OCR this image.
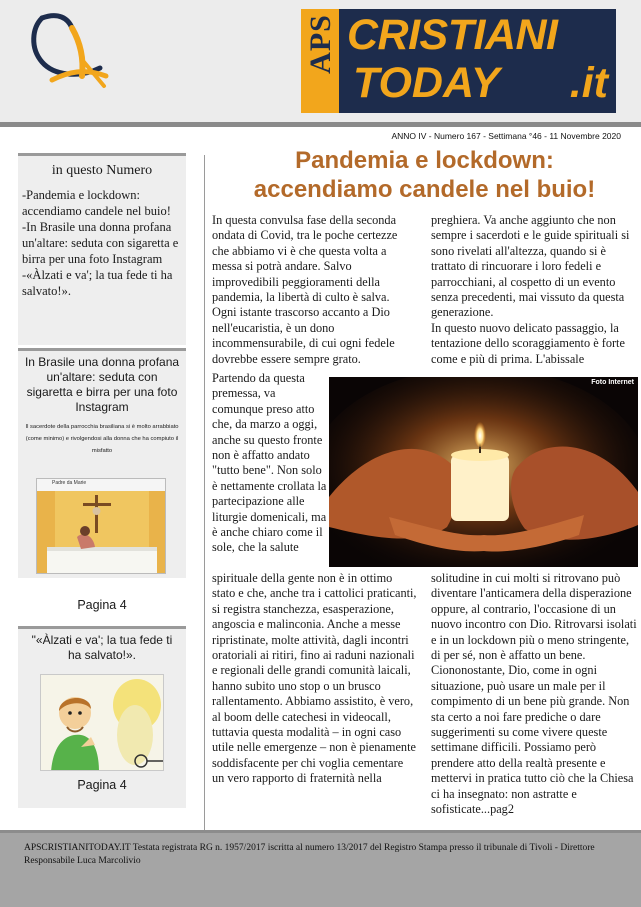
APS CRISTIANI
TODAY .it
ANNO IV - Numero 167 - Settimana °46 - 11 Novembre 2020
in questo Numero
-Pandemia e lockdown: accendiamo candele nel buio!
-In Brasile una donna profana un'altare: seduta con sigaretta e birra per una foto Instagram
-«Àlzati e va'; la tua fede ti ha salvato!».
In Brasile una donna profana un'altare: seduta con sigaretta e birra per una foto Instagram
Il sacerdote della parrocchia brasiliana si è molto arrabbiato (come minimo) e rivolgendosi alla donna che ha compiuto il misfatto
Padre da Marie
Pagina 4
"«Àlzati e va'; la tua fede ti ha salvato!».
Pagina 4
Pandemia e lockdown:
accendiamo candele nel buio!

In questa convulsa fase della seconda ondata di Covid, tra le poche certezze che abbiamo vi è che questa volta a messa si potrà andare. Salvo improvedibili peggioramenti della pandemia, la libertà di culto è salva. Ogni istante trascorso accanto a Dio nell'eucaristia, è un dono incommensurabile, di cui ogni fedele dovrebbe essere sempre grato.

Partendo da questa premessa, va comunque preso atto che, da marzo a oggi, anche su questo fronte non è affatto andato "tutto bene". Non solo è nettamente crollata la partecipazione alle liturgie domenicali, ma è anche chiaro come il sole, che la salute

spirituale della gente non è in ottimo stato e che, anche tra i cattolici praticanti, si registra stanchezza, esasperazione, angoscia e malinconia. Anche a messe ripristinate, molte attività, dagli incontri oratoriali ai ritiri, fino ai raduni nazionali e regionali delle grandi comunità laicali, hanno subito uno stop o un brusco rallentamento. Abbiamo assistito, è vero, al boom delle catechesi in videocall, tuttavia questa modalità – in ogni caso utile nelle emergenze – non è pienamente soddisfacente per chi voglia cementare un vero rapporto di fraternità nella

preghiera. Va anche aggiunto che non sempre i sacerdoti e le guide spirituali si sono rivelati all'altezza, quando si è trattato di rincuorare i loro fedeli e parrocchiani, al cospetto di un evento senza precedenti, mai vissuto da questa generazione.

In questo nuovo delicato passaggio, la tentazione dello scoraggiamento è forte come e più di prima. L'abissale

Foto Internet

solitudine in cui molti si ritrovano può diventare l'anticamera della disperazione oppure, al contrario, l'occasione di un nuovo incontro con Dio. Ritrovarsi isolati e in un lockdown più o meno stringente, di per sé, non è affatto un bene. Ciononostante, Dio, come in ogni situazione, può usare un male per il compimento di un bene più grande. Non sta certo a noi fare prediche o dare suggerimenti su come vivere queste settimane difficili. Possiamo però prendere atto della realtà presente e mettervi in pratica tutto ciò che la Chiesa ci ha insegnato: non astratte e sofisticate...pag2

APSCRISTIANITODAY.IT Testata registrata RG n. 1957/2017 iscritta al numero 13/2017 del Registro Stampa presso il tribunale di Tivoli - Direttore Responsabile Luca Marcolivio
